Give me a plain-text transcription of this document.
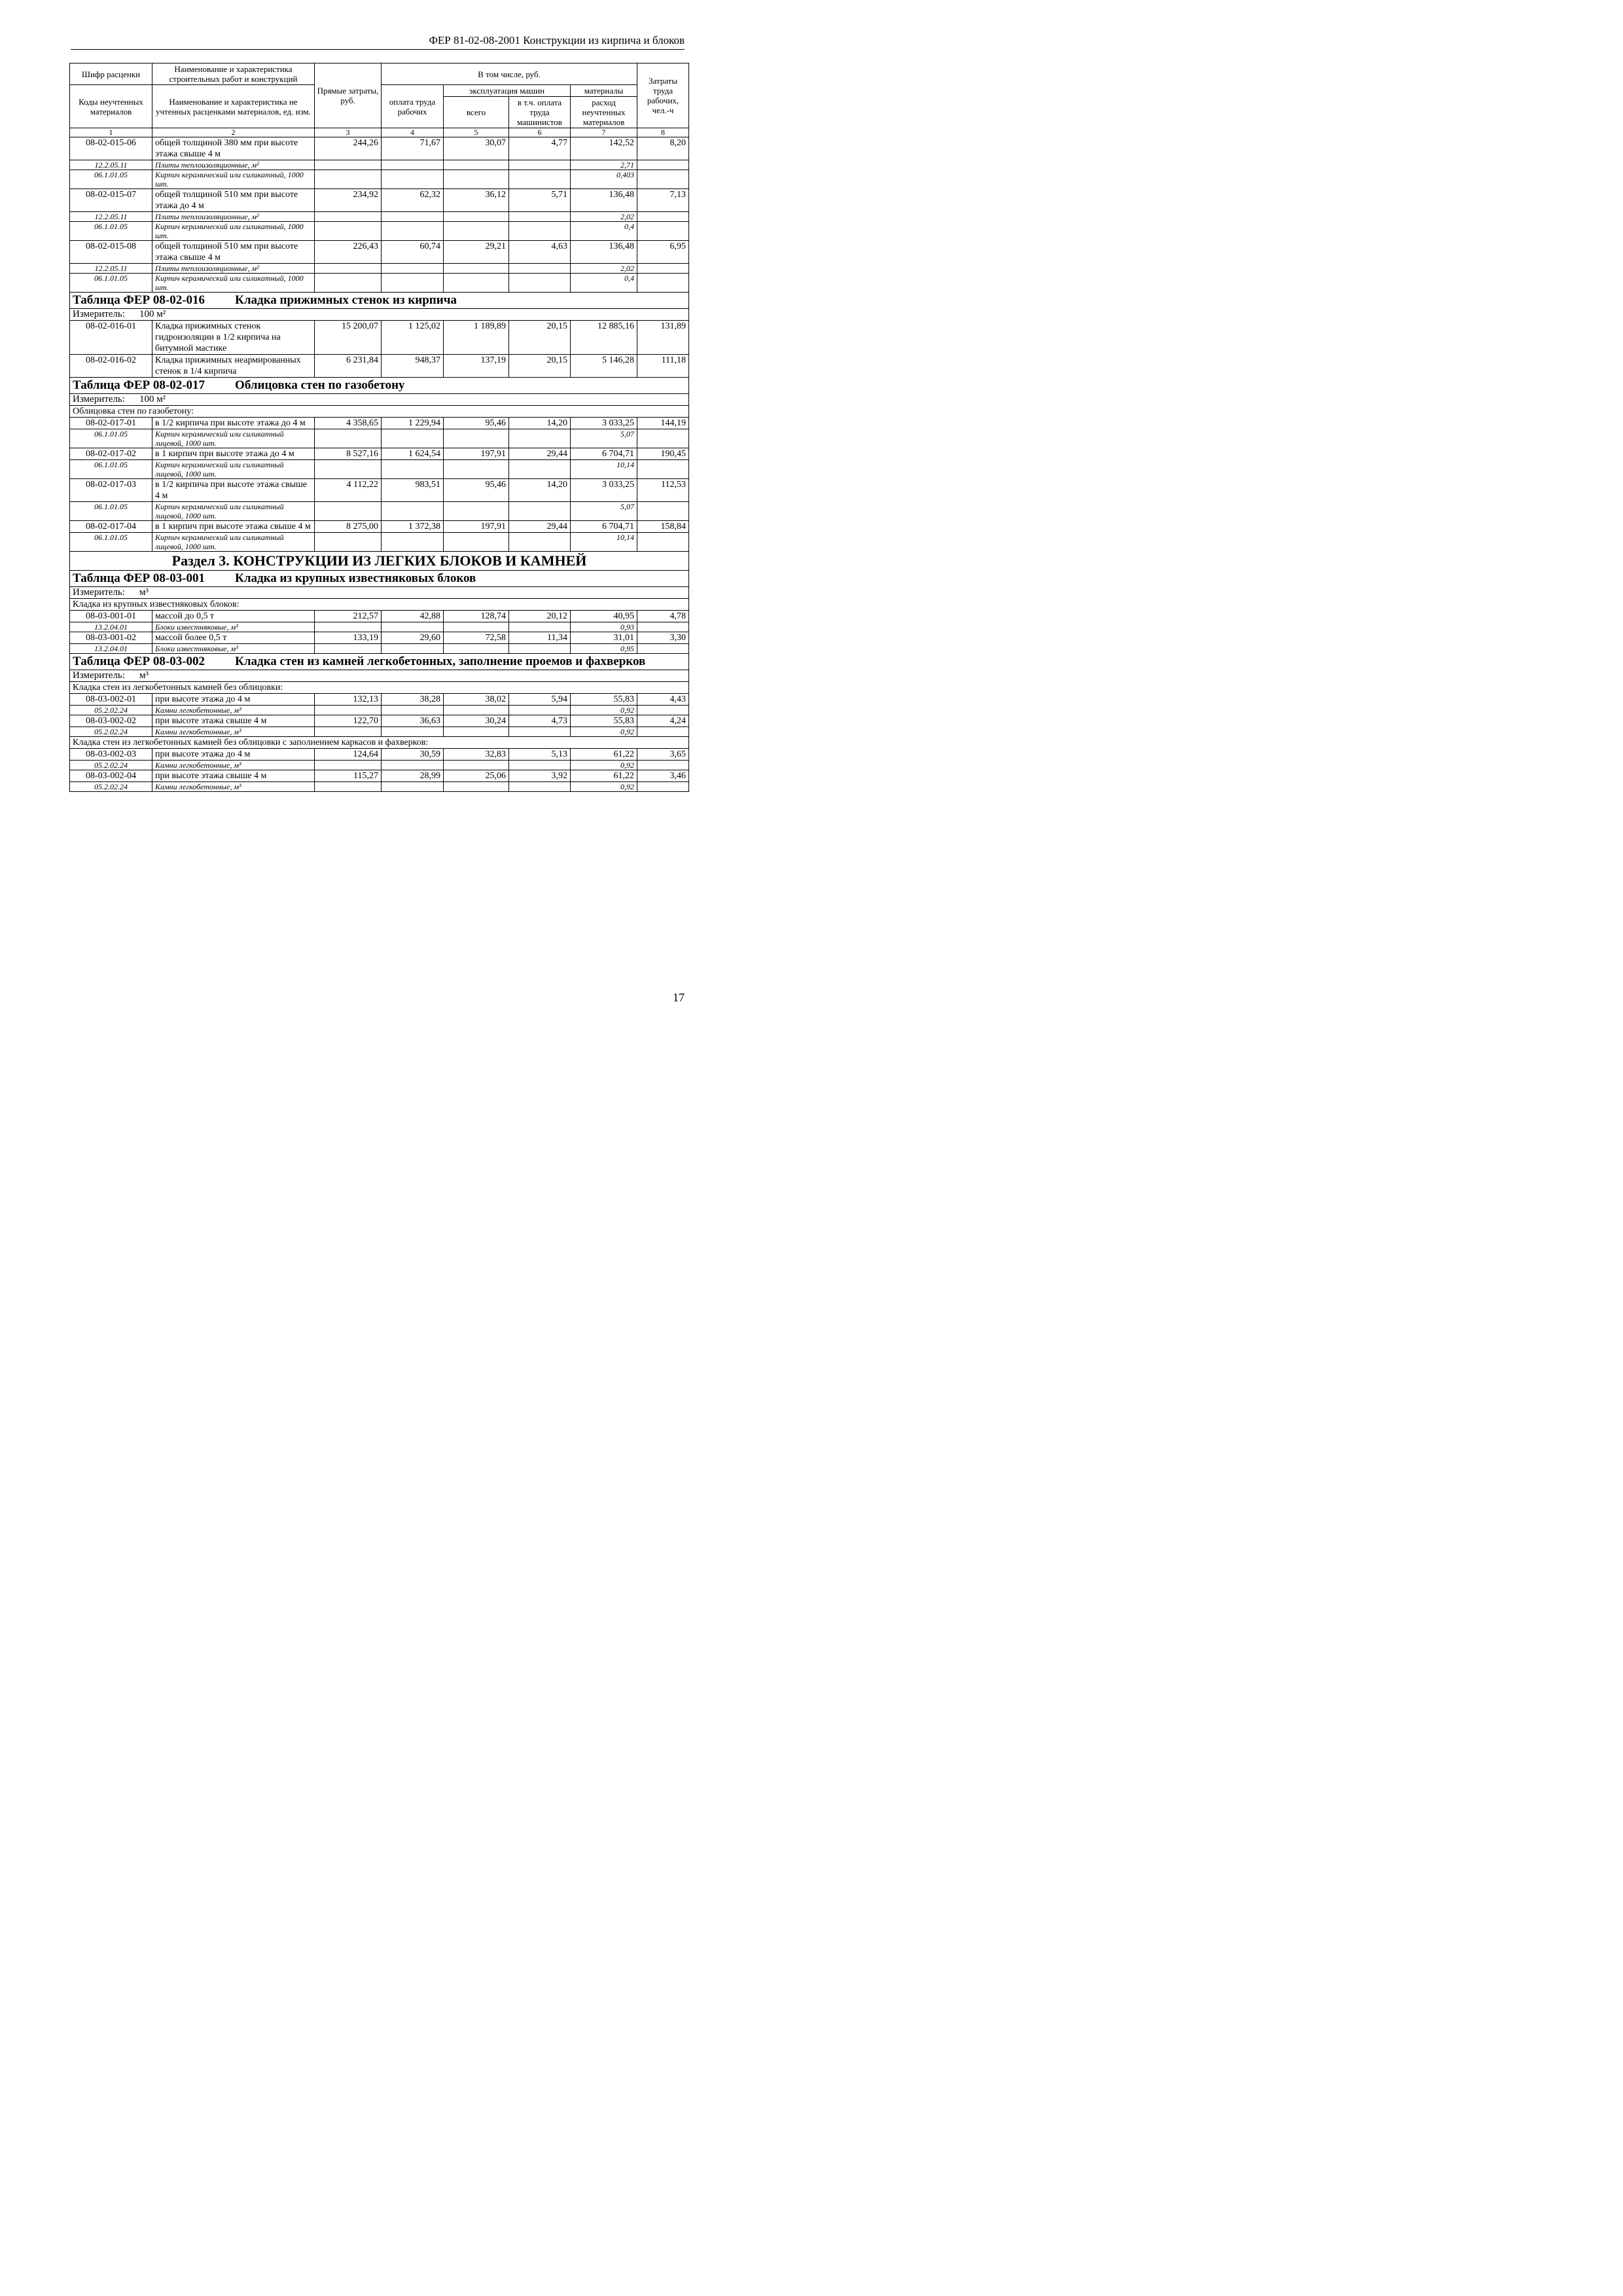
ФЕР 81-02-08-2001 Конструкции из кирпича и блоков
Шифр расценки	Наименование и характеристика строительных работ и конструкций	Прямые затраты, руб.	В том числе, руб.				Затраты труда рабочих, чел.-ч
Коды неучтенных материалов	Наименование и характеристика не учтенных расценками материалов, ед. изм.		оплата труда рабочих	эксплуатация машин		материалы	
				всего	в т.ч. оплата труда машинистов	расход неучтенных материалов	
1	2	3	4	5	6	7	8
08-02-015-06	общей толщиной 380 мм при высоте этажа свыше 4 м	244,26	71,67	30,07	4,77	142,52	8,20
12.2.05.11	Плиты теплоизоляционные, м²					2,71	
06.1.01.05	Кирпич керамический или силикатный, 1000 шт.					0,403	
08-02-015-07	общей толщиной 510 мм при высоте этажа до 4 м	234,92	62,32	36,12	5,71	136,48	7,13
12.2.05.11	Плиты теплоизоляционные, м²					2,02	
06.1.01.05	Кирпич керамический или силикатный, 1000 шт.					0,4	
08-02-015-08	общей толщиной 510 мм при высоте этажа свыше 4 м	226,43	60,74	29,21	4,63	136,48	6,95
12.2.05.11	Плиты теплоизоляционные, м²					2,02	
06.1.01.05	Кирпич керамический или силикатный, 1000 шт.					0,4	
Таблица ФЕР 08-02-016 Кладка прижимных стенок из кирпича							
Измеритель: 100 м²							
08-02-016-01	Кладка прижимных стенок гидроизоляции в 1/2 кирпича на битумной мастике	15 200,07	1 125,02	1 189,89	20,15	12 885,16	131,89
08-02-016-02	Кладка прижимных неармированных стенок в 1/4 кирпича	6 231,84	948,37	137,19	20,15	5 146,28	111,18
Таблица ФЕР 08-02-017 Облицовка стен по газобетону							
Измеритель: 100 м²							
Облицовка стен по газобетону:							
08-02-017-01	в 1/2 кирпича при высоте этажа до 4 м	4 358,65	1 229,94	95,46	14,20	3 033,25	144,19
06.1.01.05	Кирпич керамический или силикатный лицевой, 1000 шт.					5,07	
08-02-017-02	в 1 кирпич при высоте этажа до 4 м	8 527,16	1 624,54	197,91	29,44	6 704,71	190,45
06.1.01.05	Кирпич керамический или силикатный лицевой, 1000 шт.					10,14	
08-02-017-03	в 1/2 кирпича при высоте этажа свыше 4 м	4 112,22	983,51	95,46	14,20	3 033,25	112,53
06.1.01.05	Кирпич керамический или силикатный лицевой, 1000 шт.					5,07	
08-02-017-04	в 1 кирпич при высоте этажа свыше 4 м	8 275,00	1 372,38	197,91	29,44	6 704,71	158,84
06.1.01.05	Кирпич керамический или силикатный лицевой, 1000 шт.					10,14	
Раздел 3. КОНСТРУКЦИИ ИЗ ЛЕГКИХ БЛОКОВ И КАМНЕЙ							
Таблица ФЕР 08-03-001 Кладка из крупных известняковых блоков							
Измеритель: м³							
Кладка из крупных известняковых блоков:							
08-03-001-01	массой до 0,5 т	212,57	42,88	128,74	20,12	40,95	4,78
13.2.04.01	Блоки известняковые, м³					0,93	
08-03-001-02	массой более 0,5 т	133,19	29,60	72,58	11,34	31,01	3,30
13.2.04.01	Блоки известняковые, м³					0,95	
Таблица ФЕР 08-03-002 Кладка стен из камней легкобетонных, заполнение проемов и фахверков							
Измеритель: м³							
Кладка стен из легкобетонных камней без облицовки:							
08-03-002-01	при высоте этажа до 4 м	132,13	38,28	38,02	5,94	55,83	4,43
05.2.02.24	Камни легкобетонные, м³					0,92	
08-03-002-02	при высоте этажа свыше 4 м	122,70	36,63	30,24	4,73	55,83	4,24
05.2.02.24	Камни легкобетонные, м³					0,92	
Кладка стен из легкобетонных камней без облицовки с заполнением каркасов и фахверков:							
08-03-002-03	при высоте этажа до 4 м	124,64	30,59	32,83	5,13	61,22	3,65
05.2.02.24	Камни легкобетонные, м³					0,92	
08-03-002-04	при высоте этажа свыше 4 м	115,27	28,99	25,06	3,92	61,22	3,46
05.2.02.24	Камни легкобетонные, м³					0,92	
17
